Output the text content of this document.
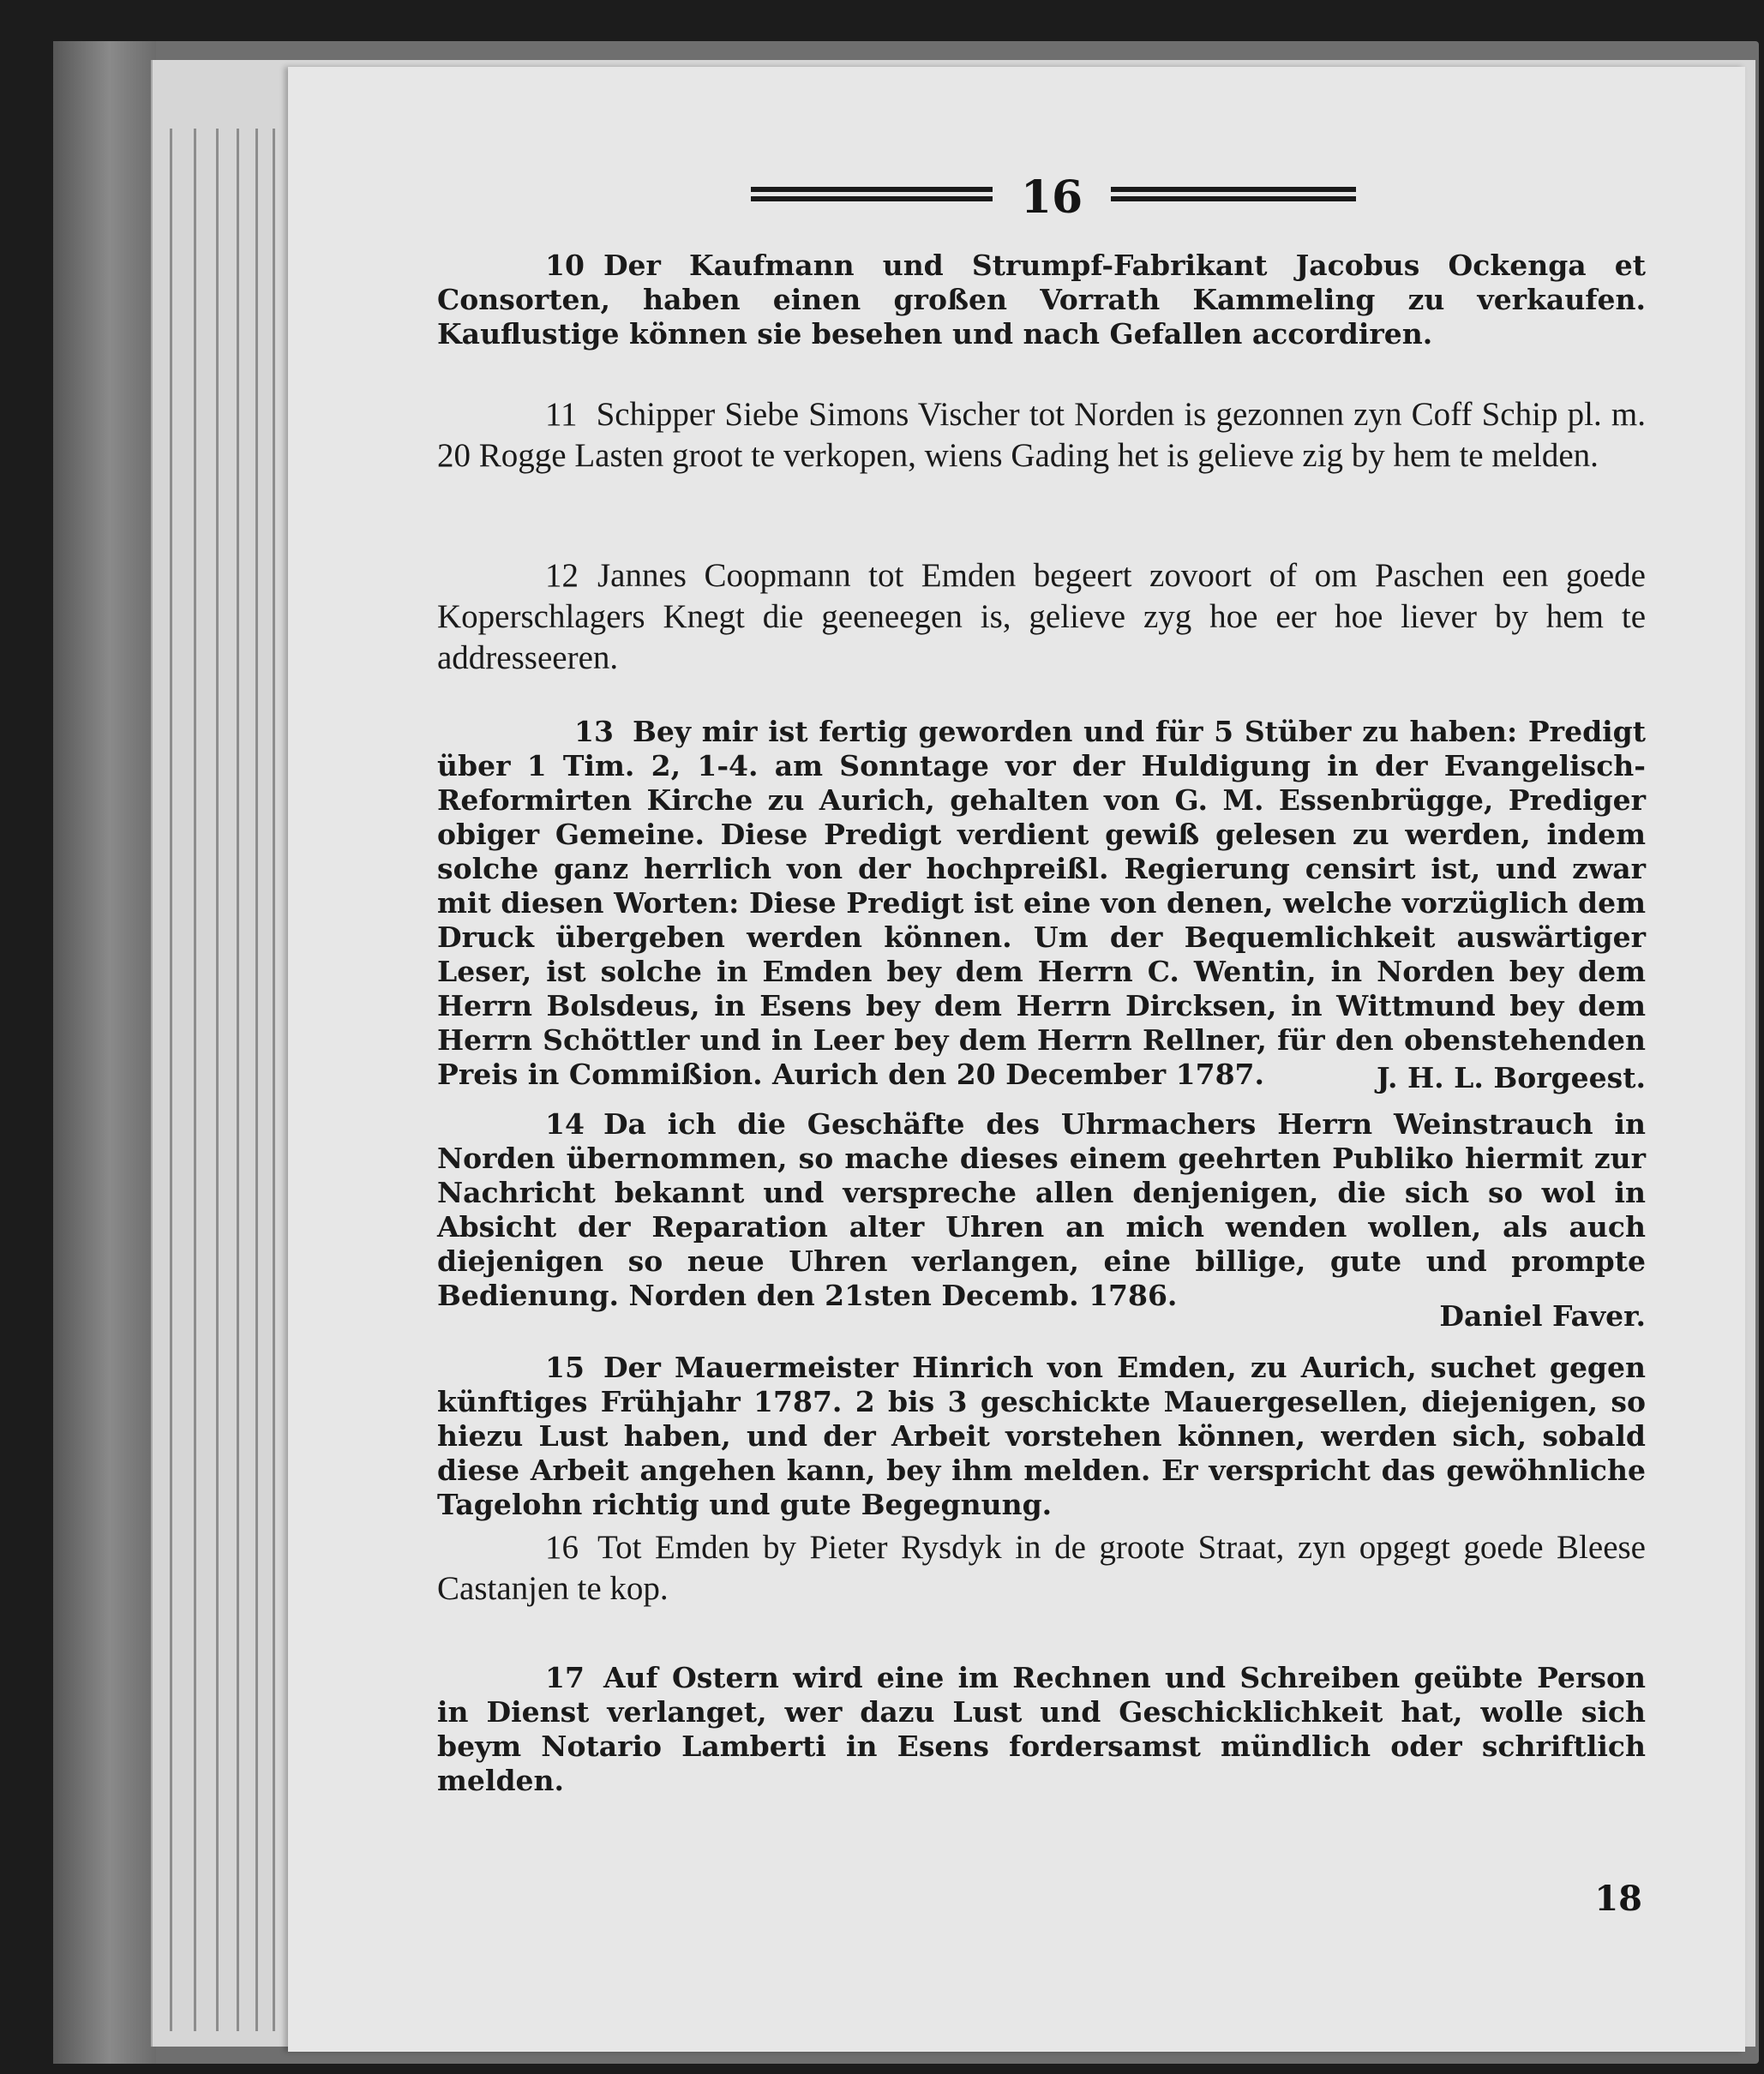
16

10 Der Kaufmann und Strumpf-Fabrikant Jacobus Ockenga et Consorten, haben einen großen Vorrath Kammeling zu verkaufen. Kauflustige können sie besehen und nach Gefallen accordiren.

11 Schipper Siebe Simons Vischer tot Norden is gezonnen zyn Coff Schip pl. m. 20 Rogge Lasten groot te verkopen, wiens Gading het is gelieve zig by hem te melden.

12 Jannes Coopmann tot Emden begeert zovoort of om Paschen een goede Koperschlagers Knegt die geeneegen is, gelieve zyg hoe eer hoe liever by hem te addresseeren.

13 Bey mir ist fertig geworden und für 5 Stüber zu haben: Predigt über 1 Tim. 2, 1-4. am Sonntage vor der Huldigung in der Evangelisch-Reformirten Kirche zu Aurich, gehalten von G. M. Essenbrügge, Prediger obiger Gemeine. Diese Predigt verdient gewiß gelesen zu werden, indem solche ganz herrlich von der hochpreißl. Regierung censirt ist, und zwar mit diesen Worten: Diese Predigt ist eine von denen, welche vorzüglich dem Druck übergeben werden können. Um der Bequemlichkeit auswärtiger Leser, ist solche in Emden bey dem Herrn C. Wentin, in Norden bey dem Herrn Bolsdeus, in Esens bey dem Herrn Dircksen, in Wittmund bey dem Herrn Schöttler und in Leer bey dem Herrn Rellner, für den obenstehenden Preis in Commißion. Aurich den 20 December 1787.	J. H. L. Borgeest.

14 Da ich die Geschäfte des Uhrmachers Herrn Weinstrauch in Norden übernommen, so mache dieses einem geehrten Publiko hiermit zur Nachricht bekannt und verspreche allen denjenigen, die sich so wol in Absicht der Reparation alter Uhren an mich wenden wollen, als auch diejenigen so neue Uhren verlangen, eine billige, gute und prompte Bedienung. Norden den 21sten Decemb. 1786.

Daniel Faver.

15 Der Mauermeister Hinrich von Emden, zu Aurich, suchet gegen künftiges Frühjahr 1787. 2 bis 3 geschickte Mauergesellen, diejenigen, so hiezu Lust haben, und der Arbeit vorstehen können, werden sich, sobald diese Arbeit angehen kann, bey ihm melden. Er verspricht das gewöhnliche Tagelohn richtig und gute Begegnung.

16 Tot Emden by Pieter Rysdyk in de groote Straat, zyn opgegt goede Bleese Castanjen te kop.

17 Auf Ostern wird eine im Rechnen und Schreiben geübte Person in Dienst verlanget, wer dazu Lust und Geschicklichkeit hat, wolle sich beym Notario Lamberti in Esens fordersamst mündlich oder schriftlich melden.

18
